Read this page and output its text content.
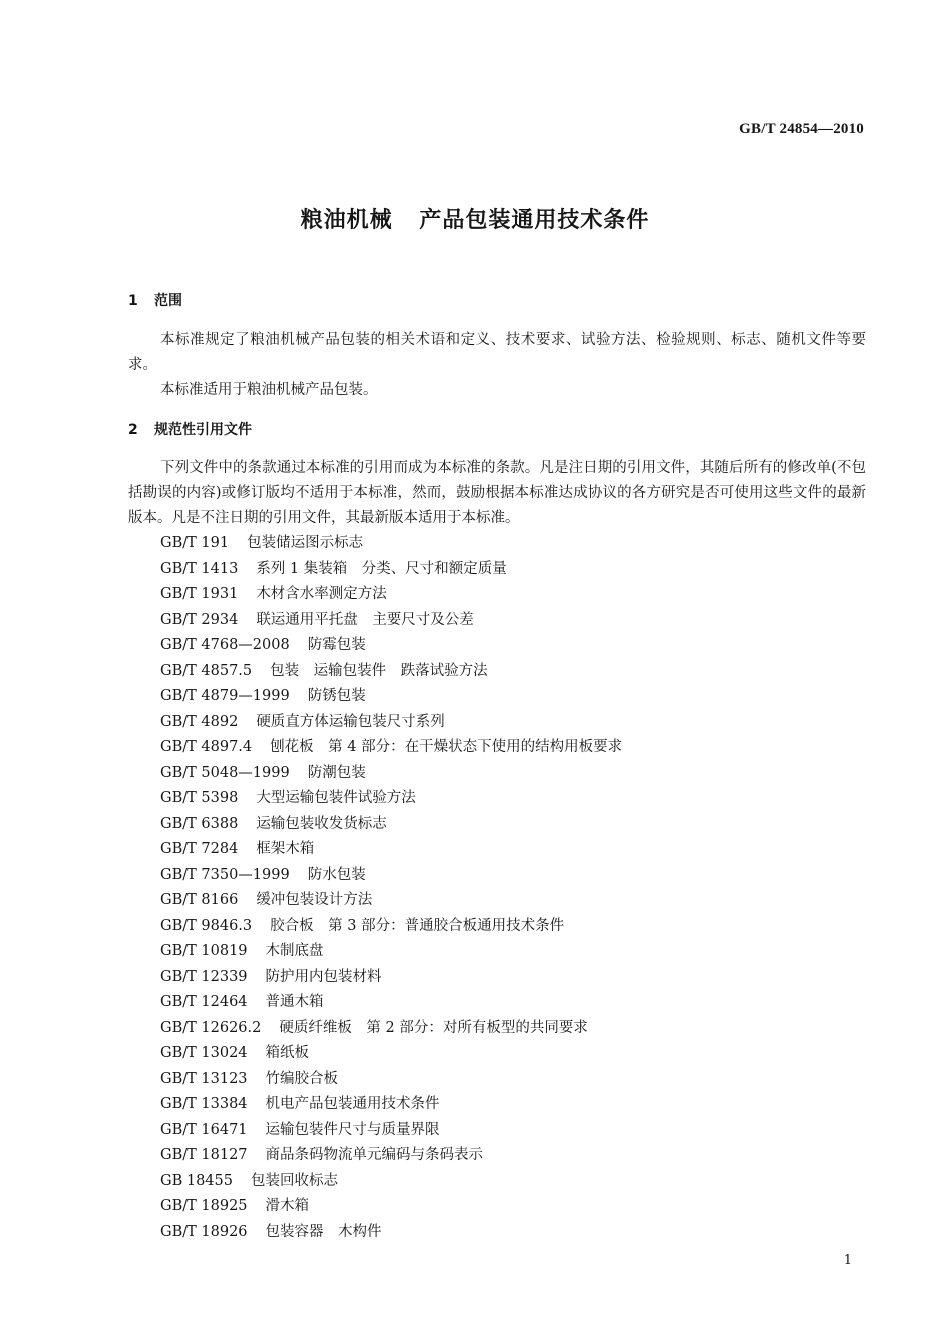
GB/T 24854—2010
粮油机械 产品包装通用技术条件
1 范围
本标准规定了粮油机械产品包装的相关术语和定义、技术要求、试验方法、检验规则、标志、随机文件等要求。
本标准适用于粮油机械产品包装。
2 规范性引用文件
下列文件中的条款通过本标准的引用而成为本标准的条款。凡是注日期的引用文件，其随后所有的修改单(不包括勘误的内容)或修订版均不适用于本标准，然而，鼓励根据本标准达成协议的各方研究是否可使用这些文件的最新版本。凡是不注日期的引用文件，其最新版本适用于本标准。
GB/T 191 包装储运图示标志
GB/T 1413 系列 1 集装箱　分类、尺寸和额定质量
GB/T 1931 木材含水率测定方法
GB/T 2934 联运通用平托盘　主要尺寸及公差
GB/T 4768—2008 防霉包装
GB/T 4857.5 包装　运输包装件　跌落试验方法
GB/T 4879—1999 防锈包装
GB/T 4892 硬质直方体运输包装尺寸系列
GB/T 4897.4 刨花板　第 4 部分：在干燥状态下使用的结构用板要求
GB/T 5048—1999 防潮包装
GB/T 5398 大型运输包装件试验方法
GB/T 6388 运输包装收发货标志
GB/T 7284 框架木箱
GB/T 7350—1999 防水包装
GB/T 8166 缓冲包装设计方法
GB/T 9846.3 胶合板　第 3 部分：普通胶合板通用技术条件
GB/T 10819 木制底盘
GB/T 12339 防护用内包装材料
GB/T 12464 普通木箱
GB/T 12626.2 硬质纤维板　第 2 部分：对所有板型的共同要求
GB/T 13024 箱纸板
GB/T 13123 竹编胶合板
GB/T 13384 机电产品包装通用技术条件
GB/T 16471 运输包装件尺寸与质量界限
GB/T 18127 商品条码物流单元编码与条码表示
GB 18455 包装回收标志
GB/T 18925 滑木箱
GB/T 18926 包装容器　木构件
1
